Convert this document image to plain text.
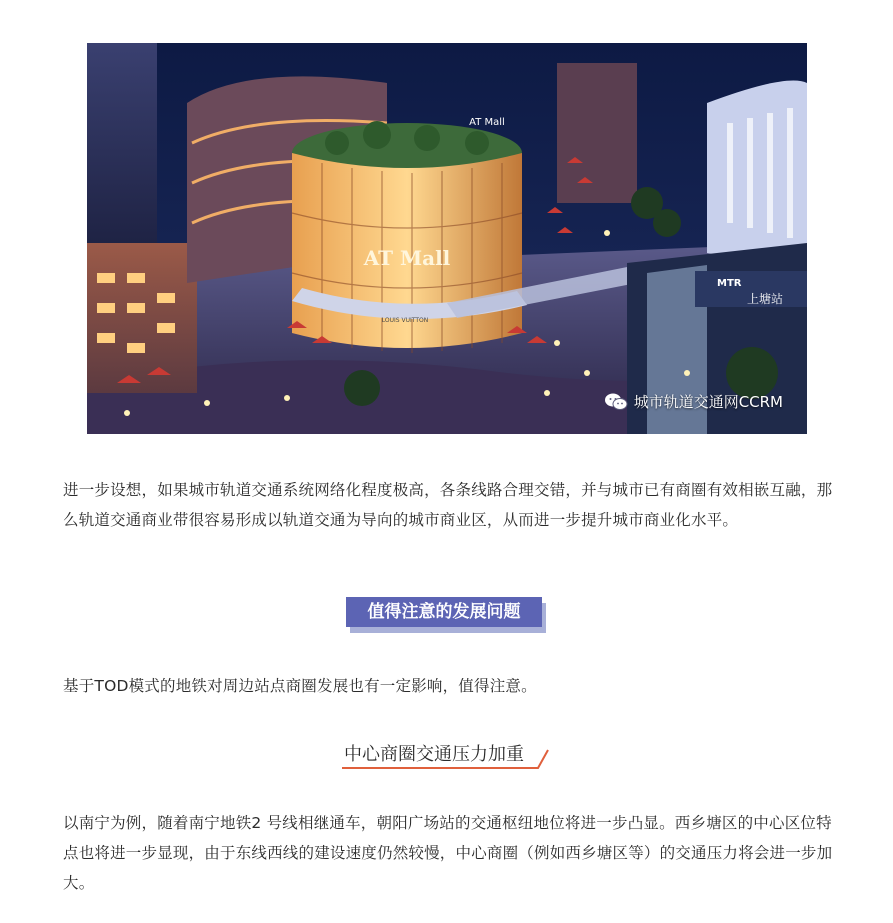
AT Mall
AT Mall
LOUIS VUITTON
MTR
上塘站
城市轨道交通网CCRM

进一步设想，如果城市轨道交通系统网络化程度极高，各条线路合理交错，并与城市已有商圈有效相嵌互融，那么轨道交通商业带很容易形成以轨道交通为导向的城市商业区，从而进一步提升城市商业化水平。

值得注意的发展问题

基于TOD模式的地铁对周边站点商圈发展也有一定影响，值得注意。

中心商圈交通压力加重

以南宁为例，随着南宁地铁2 号线相继通车，朝阳广场站的交通枢纽地位将进一步凸显。西乡塘区的中心区位特点也将进一步显现，由于东线西线的建设速度仍然较慢，中心商圈（例如西乡塘区等）的交通压力将会进一步加大。
